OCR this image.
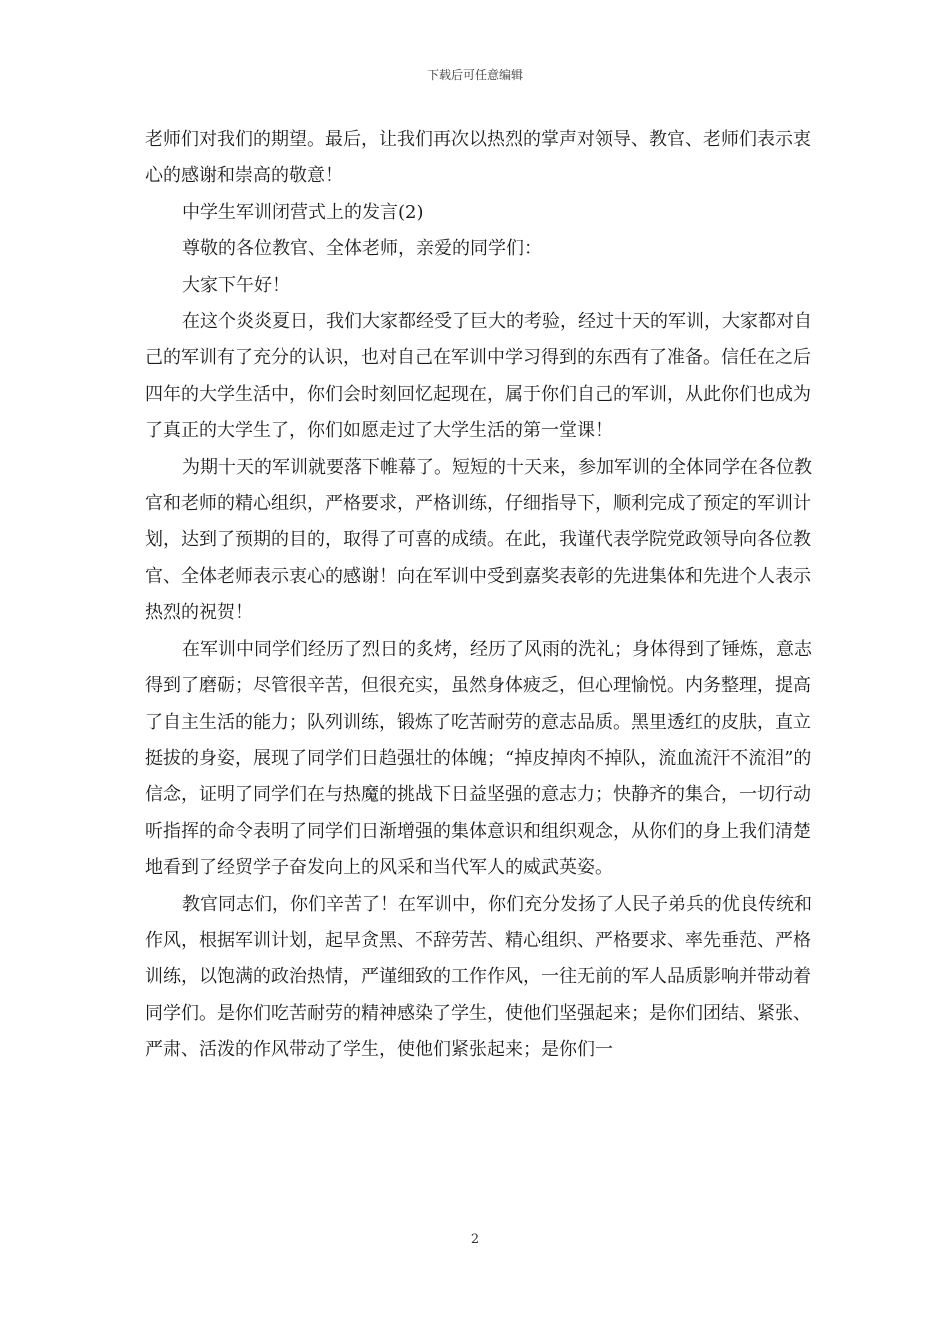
下载后可任意编辑

老师们对我们的期望。最后，让我们再次以热烈的掌声对领导、教官、老师们表示衷心的感谢和崇高的敬意！

中学生军训闭营式上的发言(2)

尊敬的各位教官、全体老师，亲爱的同学们：

大家下午好！

在这个炎炎夏日，我们大家都经受了巨大的考验，经过十天的军训，大家都对自己的军训有了充分的认识，也对自己在军训中学习得到的东西有了准备。信任在之后四年的大学生活中，你们会时刻回忆起现在，属于你们自己的军训，从此你们也成为了真正的大学生了，你们如愿走过了大学生活的第一堂课！

为期十天的军训就要落下帷幕了。短短的十天来，参加军训的全体同学在各位教官和老师的精心组织，严格要求，严格训练，仔细指导下，顺利完成了预定的军训计划，达到了预期的目的，取得了可喜的成绩。在此，我谨代表学院党政领导向各位教官、全体老师表示衷心的感谢！向在军训中受到嘉奖表彰的先进集体和先进个人表示热烈的祝贺！

在军训中同学们经历了烈日的炙烤，经历了风雨的洗礼；身体得到了锤炼，意志得到了磨砺；尽管很辛苦，但很充实，虽然身体疲乏，但心理愉悦。内务整理，提高了自主生活的能力；队列训练，锻炼了吃苦耐劳的意志品质。黑里透红的皮肤，直立挺拔的身姿，展现了同学们日趋强壮的体魄；“掉皮掉肉不掉队，流血流汗不流泪”的信念，证明了同学们在与热魔的挑战下日益坚强的意志力；快静齐的集合，一切行动听指挥的命令表明了同学们日渐增强的集体意识和组织观念，从你们的身上我们清楚地看到了经贸学子奋发向上的风采和当代军人的威武英姿。

教官同志们，你们辛苦了！在军训中，你们充分发扬了人民子弟兵的优良传统和作风，根据军训计划，起早贪黑、不辞劳苦、精心组织、严格要求、率先垂范、严格训练，以饱满的政治热情，严谨细致的工作作风，一往无前的军人品质影响并带动着同学们。是你们吃苦耐劳的精神感染了学生，使他们坚强起来；是你们团结、紧张、严肃、活泼的作风带动了学生，使他们紧张起来；是你们一

2
